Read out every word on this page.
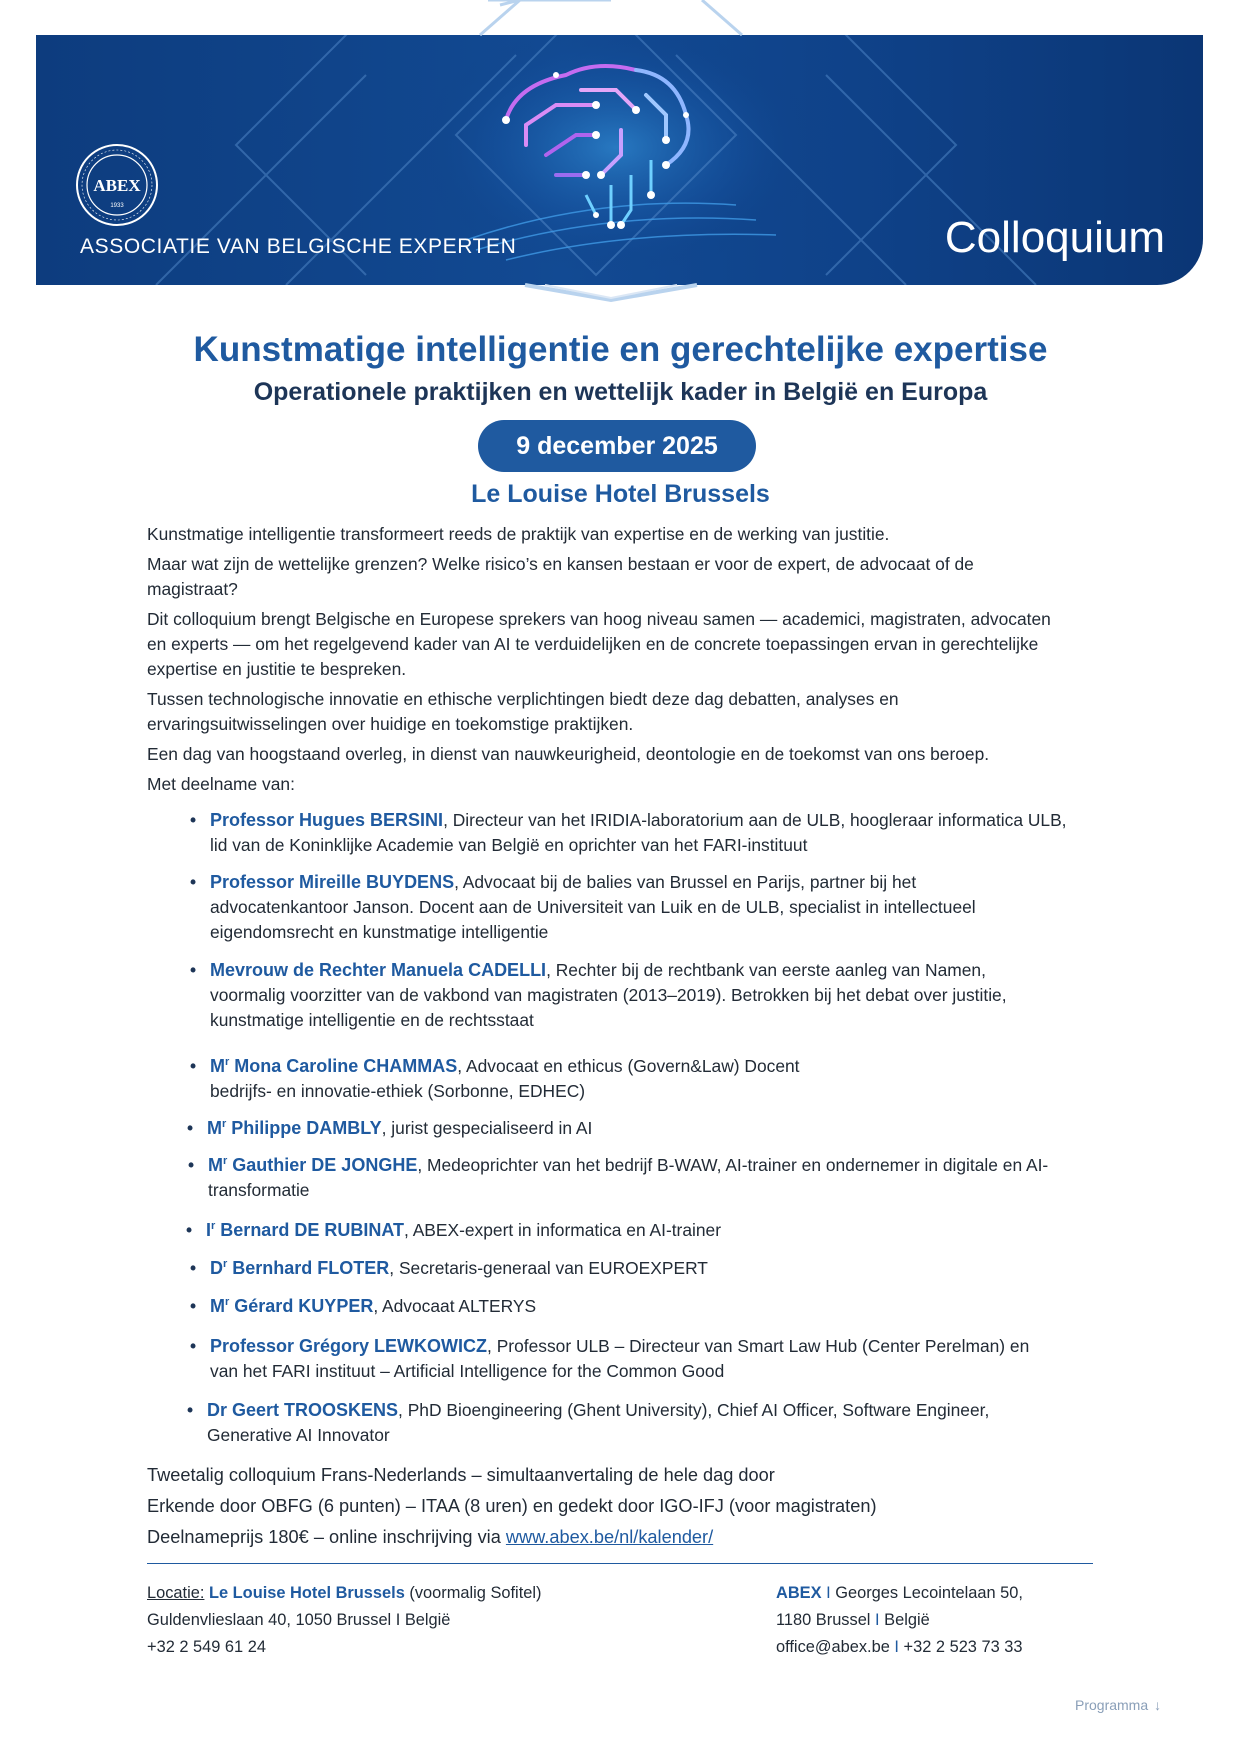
ABEX
1933
ASSOCIATIE VAN BELGISCHE EXPERTEN	Colloquium
Kunstmatige intelligentie en gerechtelijke expertise
Operationele praktijken en wettelijk kader in België en Europa
9 december 2025
Le Louise Hotel Brussels

Kunstmatige intelligentie transformeert reeds de praktijk van expertise en de werking van justitie.

Maar wat zijn de wettelijke grenzen? Welke risico’s en kansen bestaan er voor de expert, de advocaat of de magistraat?

Dit colloquium brengt Belgische en Europese sprekers van hoog niveau samen — academici, magistraten, advocaten en experts — om het regelgevend kader van AI te verduidelijken en de concrete toepassingen ervan in gerechtelijke expertise en justitie te bespreken.

Tussen technologische innovatie en ethische verplichtingen biedt deze dag debatten, analyses en ervaringsuitwisselingen over huidige en toekomstige praktijken.

Een dag van hoogstaand overleg, in dienst van nauwkeurigheid, deontologie en de toekomst van ons beroep.

Met deelname van:

• Professor Hugues BERSINI, Directeur van het IRIDIA-laboratorium aan de ULB, hoogleraar informatica ULB, lid van de Koninklijke Academie van België en oprichter van het FARI-instituut
• Professor Mireille BUYDENS, Advocaat bij de balies van Brussel en Parijs, partner bij het advocatenkantoor Janson. Docent aan de Universiteit van Luik en de ULB, specialist in intellectueel eigendomsrecht en kunstmatige intelligentie
• Mevrouw de Rechter Manuela CADELLI, Rechter bij de rechtbank van eerste aanleg van Namen, voormalig voorzitter van de vakbond van magistraten (2013–2019). Betrokken bij het debat over justitie, kunstmatige intelligentie en de rechtsstaat
• $M^r$ Mona Caroline CHAMMAS, Advocaat en ethicus (Govern&Law) Docent bedrijfs- en innovatie-ethiek (Sorbonne, EDHEC)
• $M^r$ Philippe DAMBLY, jurist gespecialiseerd in AI
• $M^r$ Gauthier DE JONGHE, Medeoprichter van het bedrijf B-WAW, AI-trainer en ondernemer in digitale en AI-transformatie
• $I^r$ Bernard DE RUBINAT, ABEX-expert in informatica en AI-trainer
• $D^r$ Bernhard FLOTER, Secretaris-generaal van EUROEXPERT
• $M^r$ Gérard KUYPER, Advocaat ALTERYS
• Professor Grégory LEWKOWICZ, Professor ULB – Directeur van Smart Law Hub (Center Perelman) en van het FARI instituut – Artificial Intelligence for the Common Good
• Dr Geert TROOSKENS, PhD Bioengineering (Ghent University), Chief AI Officer, Software Engineer, Generative AI Innovator
Tweetalig colloquium Frans-Nederlands – simultaanvertaling de hele dag door
Erkende door OBFG (6 punten) – ITAA (8 uren) en gedekt door IGO-IFJ (voor magistraten)
Deelnameprijs 180€ – online inschrijving via www.abex.be/nl/kalender/
Locatie: Le Louise Hotel Brussels (voormalig Sofitel)
Guldenvlieslaan 40, 1050 Brussel I België
+32 2 549 61 24
ABEX I Georges Lecointelaan 50,
1180 Brussel I België
office@abex.be I +32 2 523 73 33
Programma ↓
